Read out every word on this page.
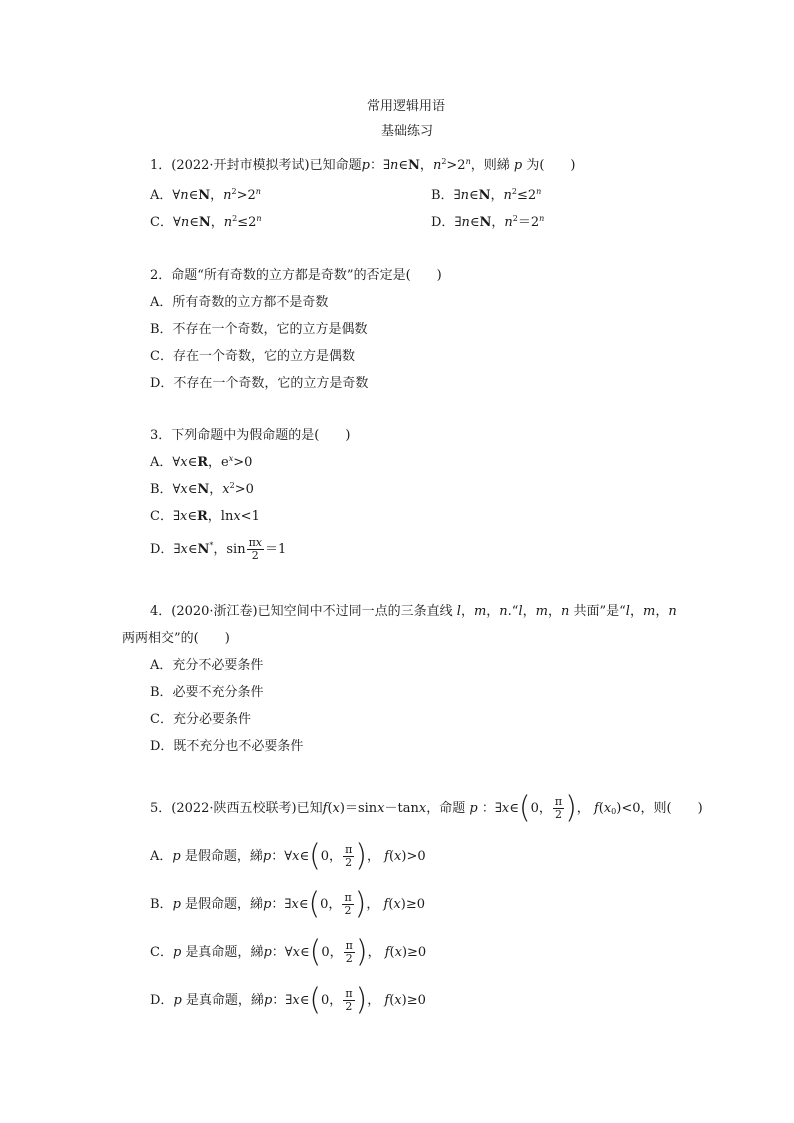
常用逻辑用语
基础练习
1．(2022·开封市模拟考试)已知命题p：∃n∈N，$n^2>2^n$，则綈 p 为(　　)
A．∀n∈N，$n^2>2^n$	B．∃n∈N，$n^2\le 2^n$
C．∀n∈N，$n^2\le 2^n$	D．∃n∈N，$n^2=2^n$
2．命题“所有奇数的立方都是奇数”的否定是(　　)
A．所有奇数的立方都不是奇数
B．不存在一个奇数，它的立方是偶数
C．存在一个奇数，它的立方是偶数
D．不存在一个奇数，它的立方是奇数
3．下列命题中为假命题的是(　　)
A．∀x∈R，$e^x>0$
B．∀x∈N，$x^2>0$
C．∃x∈R，lnx<1
D．∃x∈N*，$\sin \frac{\pi x}{2} =1$
4．(2020·浙江卷)已知空间中不过同一点的三条直线 l，m，n.“l，m，n 共面”是“l，m，n
两两相交”的(　　)
A．充分不必要条件
B．必要不充分条件
C．充分必要条件
D．既不充分也不必要条件
5．(2022·陕西五校联考)已知f(x)＝sinx－tanx，命题 p ：∃x∈(0， $\frac{\pi}{2}$ )， $f(x_0)<0$，则(　　)
A．p 是假命题，綈p：∀x∈(0， $\frac{\pi}{2}$ )， f(x)>0
B．p 是假命题，綈p：∃x∈(0， $\frac{\pi}{2}$ )， f(x)≥0
C．p 是真命题，綈p：∀x∈(0， $\frac{\pi}{2}$ )， f(x)≥0
D．p 是真命题，綈p：∃x∈(0， $\frac{\pi}{2}$ )， f(x)≥0
